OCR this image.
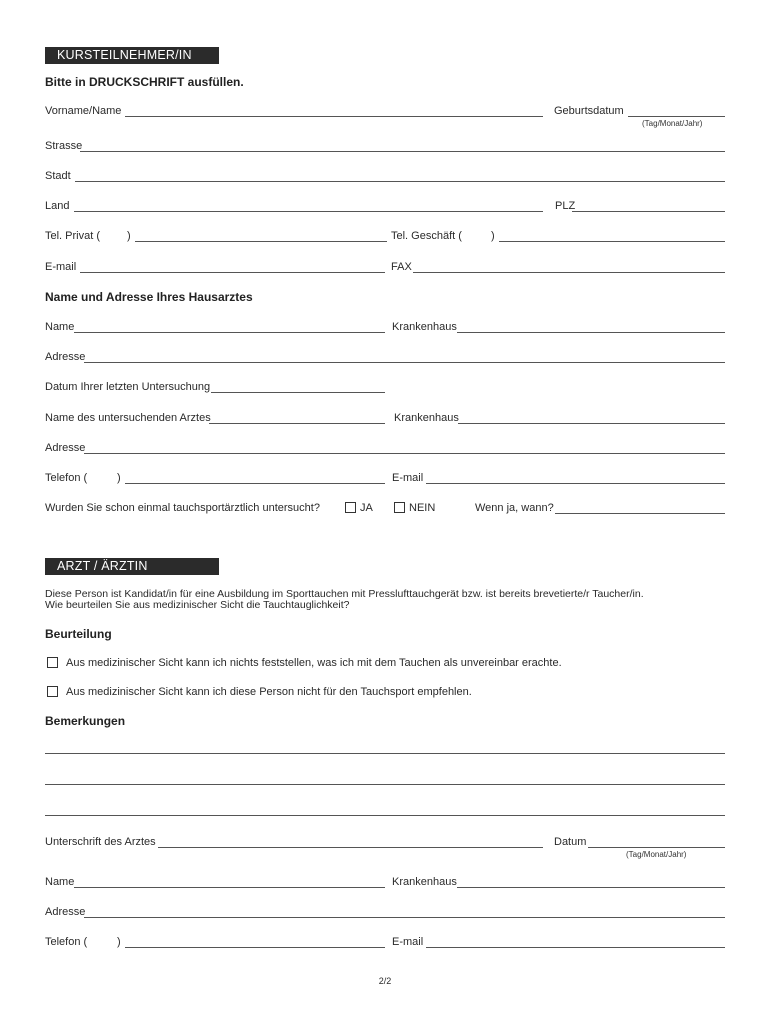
KURSTEILNEHMER/IN
Bitte in DRUCKSCHRIFT ausfüllen.
Vorname/Name	Geburtsdatum
(Tag/Monat/Jahr)
Strasse
Stadt
Land	PLZ
Tel. Privat ( )	Tel. Geschäft (	)
E-mail	FAX
Name und Adresse Ihres Hausarztes
Name	Krankenhaus
Adresse
Datum Ihrer letzten Untersuchung
Name des untersuchenden Arztes	Krankenhaus
Adresse
Telefon (	)	E-mail
Wurden Sie schon einmal tauchsportärztlich untersucht?	JA	NEIN	Wenn ja, wann?
ARZT / ÄRZTIN
Diese Person ist Kandidat/in für eine Ausbildung im Sporttauchen mit Presslufttauchgerät bzw. ist bereits brevetierte/r Taucher/in.
Wie beurteilen Sie aus medizinischer Sicht die Tauchtauglichkeit?
Beurteilung
Aus medizinischer Sicht kann ich nichts feststellen, was ich mit dem Tauchen als unvereinbar erachte.
Aus medizinischer Sicht kann ich diese Person nicht für den Tauchsport empfehlen.
Bemerkungen
Unterschrift des Arztes	Datum
(Tag/Monat/Jahr)
Name	Krankenhaus
Adresse
Telefon (	)	E-mail
2/2
